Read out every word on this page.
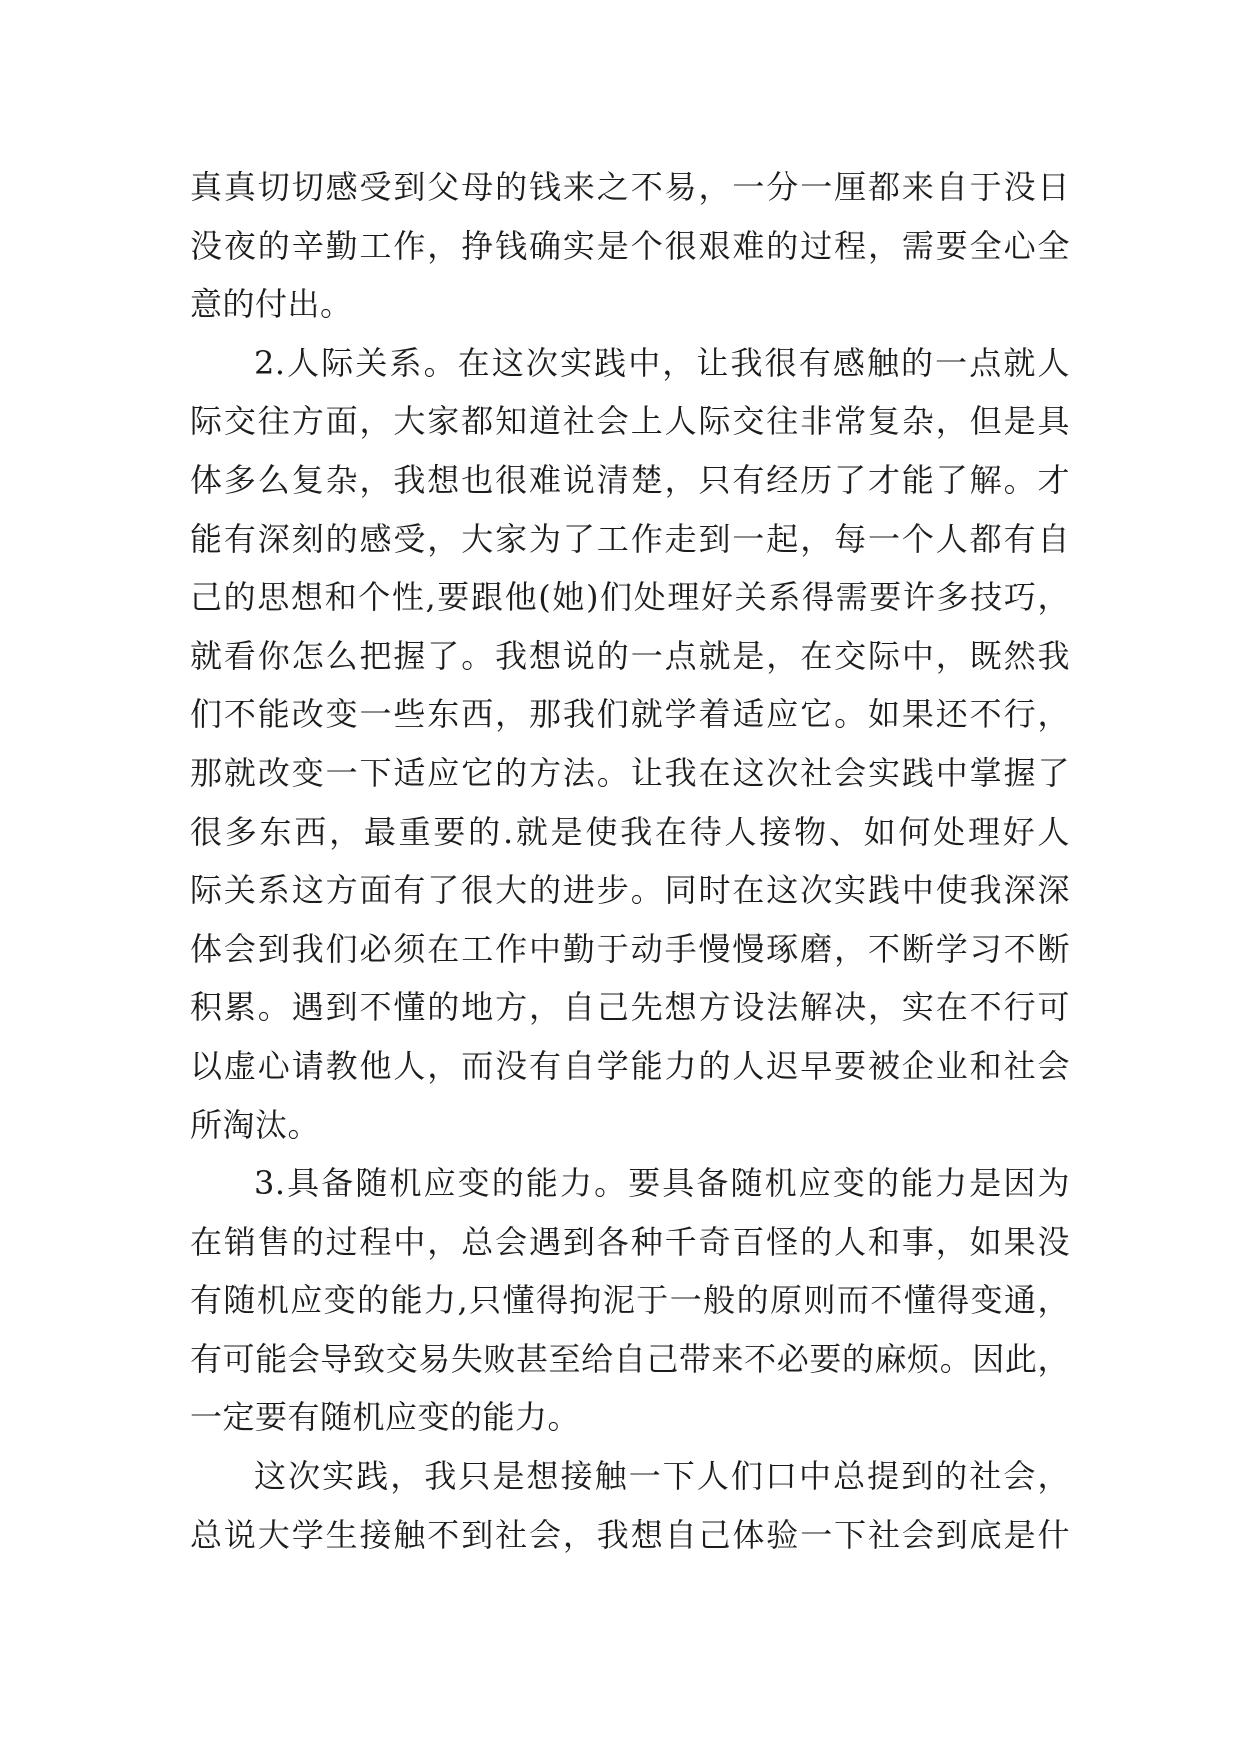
真真切切感受到父母的钱来之不易，一分一厘都来自于没日
没夜的辛勤工作，挣钱确实是个很艰难的过程，需要全心全
意的付出。
2.人际关系。在这次实践中，让我很有感触的一点就人
际交往方面，大家都知道社会上人际交往非常复杂，但是具
体多么复杂，我想也很难说清楚，只有经历了才能了解。才
能有深刻的感受，大家为了工作走到一起，每一个人都有自
己的思想和个性,要跟他(她)们处理好关系得需要许多技巧，
就看你怎么把握了。我想说的一点就是，在交际中，既然我
们不能改变一些东西，那我们就学着适应它。如果还不行，
那就改变一下适应它的方法。让我在这次社会实践中掌握了
很多东西，最重要的.就是使我在待人接物、如何处理好人
际关系这方面有了很大的进步。同时在这次实践中使我深深
体会到我们必须在工作中勤于动手慢慢琢磨，不断学习不断
积累。遇到不懂的地方，自己先想方设法解决，实在不行可
以虚心请教他人，而没有自学能力的人迟早要被企业和社会
所淘汰。
3.具备随机应变的能力。要具备随机应变的能力是因为
在销售的过程中，总会遇到各种千奇百怪的人和事，如果没
有随机应变的能力,只懂得拘泥于一般的原则而不懂得变通，
有可能会导致交易失败甚至给自己带来不必要的麻烦。因此，
一定要有随机应变的能力。
这次实践，我只是想接触一下人们口中总提到的社会，
总说大学生接触不到社会，我想自己体验一下社会到底是什
